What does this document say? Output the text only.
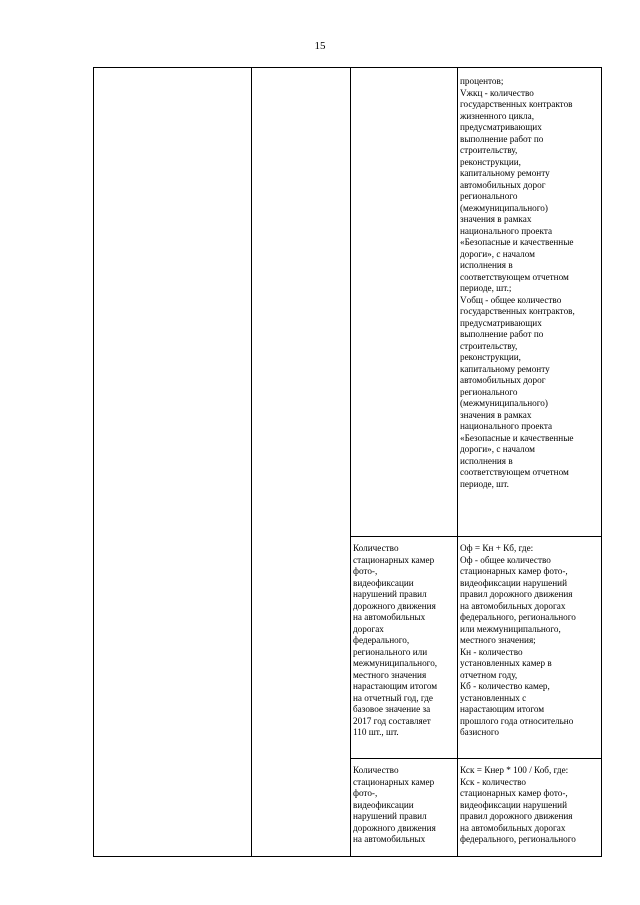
15
процентов;
Vжкц - количество
государственных контрактов
жизненного цикла,
предусматривающих
выполнение работ по
строительству,
реконструкции,
капитальному ремонту
автомобильных дорог
регионального
(межмуниципального)
значения в рамках
национального проекта
«Безопасные и качественные
дороги», с началом
исполнения в
соответствующем отчетном
периоде, шт.;
Vобщ - общее количество
государственных контрактов,
предусматривающих
выполнение работ по
строительству,
реконструкции,
капитальному ремонту
автомобильных дорог
регионального
(межмуниципального)
значения в рамках
национального проекта
«Безопасные и качественные
дороги», с началом
исполнения в
соответствующем отчетном
периоде, шт.
Количество
стационарных камер
фото-,
видеофиксации
нарушений правил
дорожного движения
на автомобильных
дорогах
федерального,
регионального или
межмуниципального,
местного значения
нарастающим итогом
на отчетный год, где
базовое значение за
2017 год составляет
110 шт., шт.
Оф = Кн + Кб, где:
Оф - общее количество
стационарных камер фото-,
видеофиксации нарушений
правил дорожного движения
на автомобильных дорогах
федерального, регионального
или межмуниципального,
местного значения;
Кн - количество
установленных камер в
отчетном году,
Кб - количество камер,
установленных с
нарастающим итогом
прошлого года относительно
базисного
Количество
стационарных камер
фото-,
видеофиксации
нарушений правил
дорожного движения
на автомобильных
Кск = Кнер * 100 / Коб, где:
Кск - количество
стационарных камер фото-,
видеофиксации нарушений
правил дорожного движения
на автомобильных дорогах
федерального, регионального
